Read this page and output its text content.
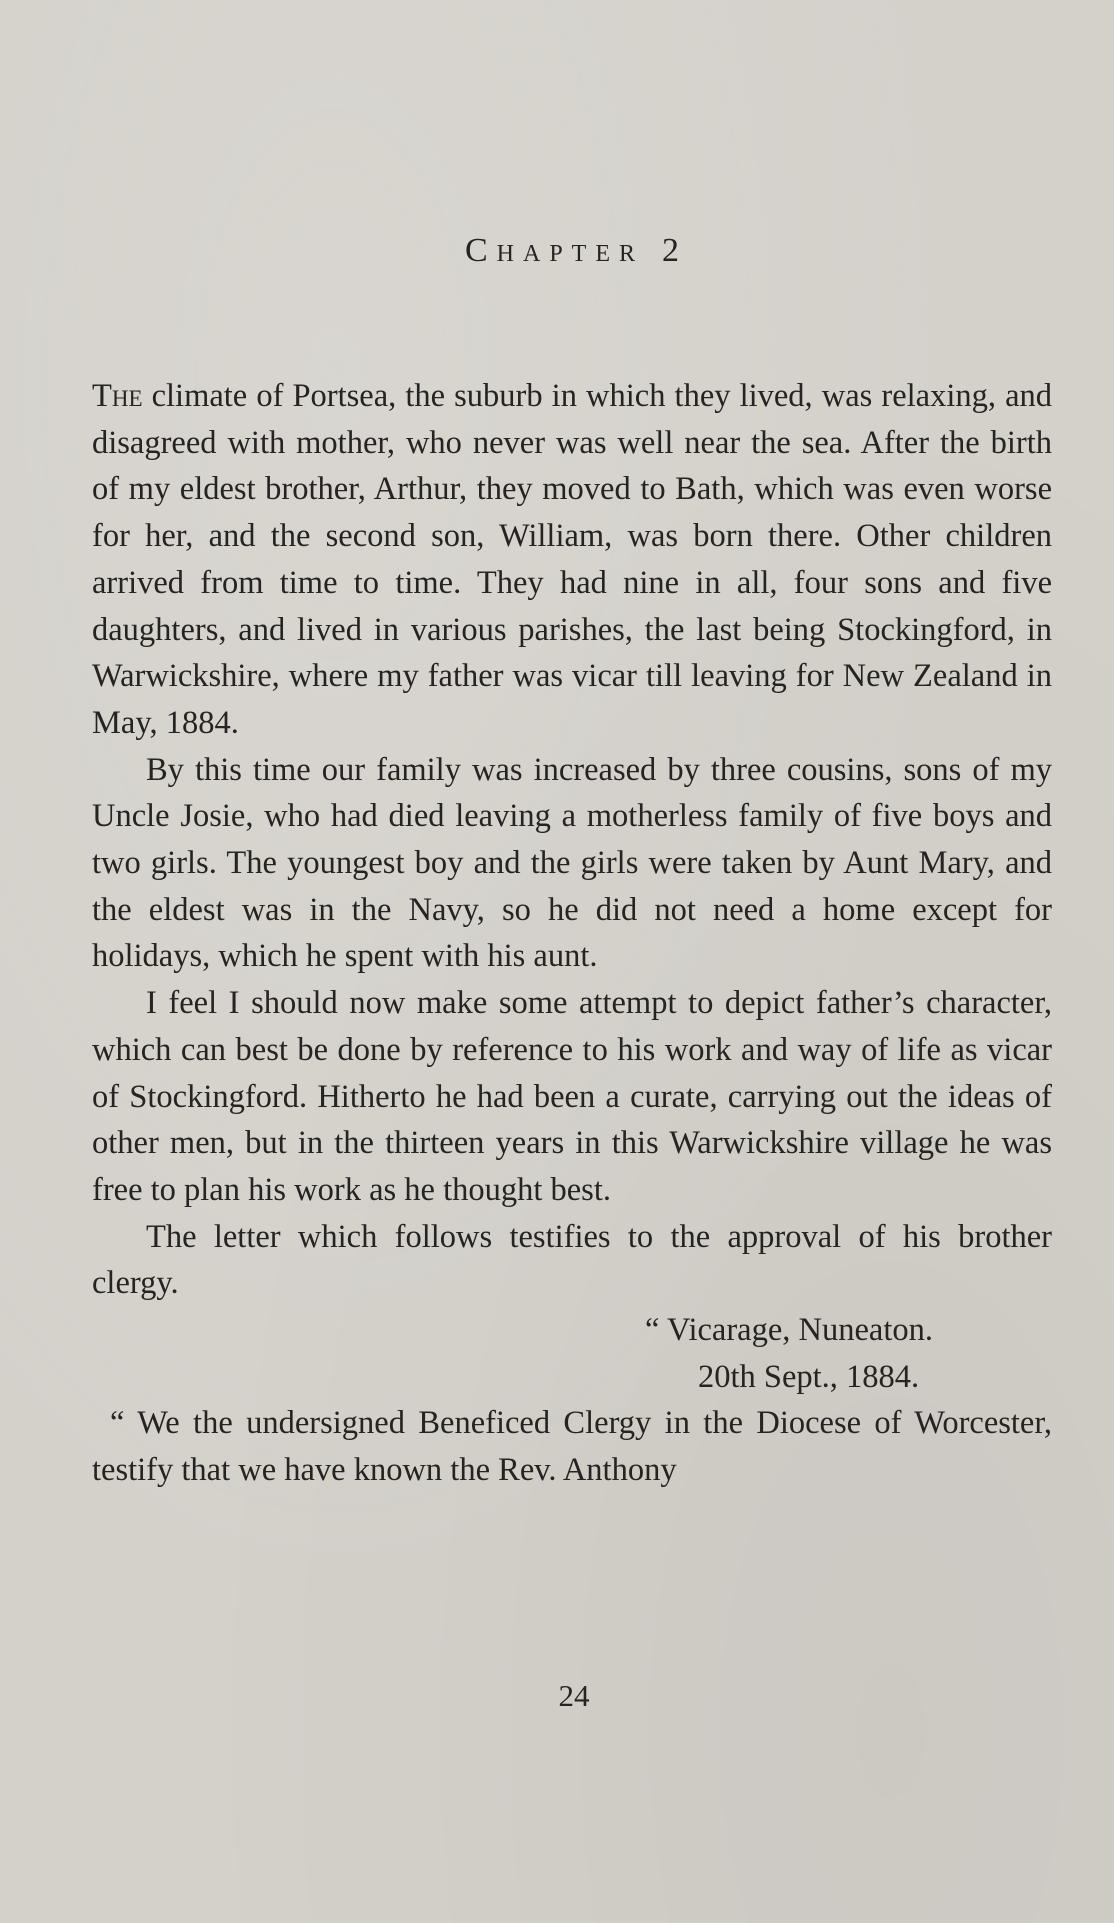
Chapter 2

The climate of Portsea, the suburb in which they lived, was relaxing, and disagreed with mother, who never was well near the sea. After the birth of my eldest brother, Arthur, they moved to Bath, which was even worse for her, and the second son, William, was born there. Other children arrived from time to time. They had nine in all, four sons and five daughters, and lived in various parishes, the last being Stockingford, in Warwickshire, where my father was vicar till leaving for New Zealand in May, 1884.

By this time our family was increased by three cousins, sons of my Uncle Josie, who had died leaving a motherless family of five boys and two girls. The youngest boy and the girls were taken by Aunt Mary, and the eldest was in the Navy, so he did not need a home except for holidays, which he spent with his aunt.

I feel I should now make some attempt to depict father’s character, which can best be done by reference to his work and way of life as vicar of Stockingford. Hitherto he had been a curate, carrying out the ideas of other men, but in the thirteen years in this Warwickshire village he was free to plan his work as he thought best.

The letter which follows testifies to the approval of his brother clergy.

“ Vicarage, Nuneaton.

20th Sept., 1884.

“ We the undersigned Beneficed Clergy in the Diocese of Worcester, testify that we have known the Rev. Anthony

24
